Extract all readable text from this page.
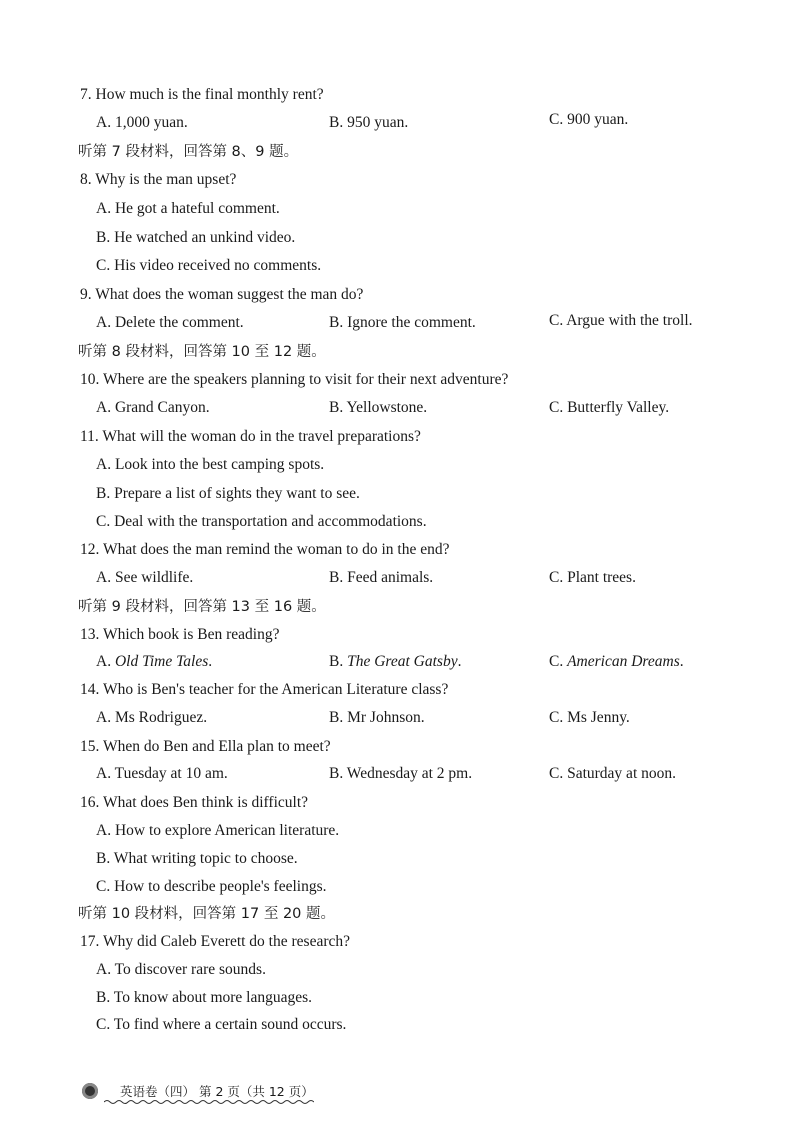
7. How much is the final monthly rent?
A. 1,000 yuan.	B. 950 yuan.	C. 900 yuan.
听第 7 段材料，回答第 8、9 题。
8. Why is the man upset?
A. He got a hateful comment.
B. He watched an unkind video.
C. His video received no comments.
9. What does the woman suggest the man do?
A. Delete the comment.	B. Ignore the comment.	C. Argue with the troll.
听第 8 段材料，回答第 10 至 12 题。
10. Where are the speakers planning to visit for their next adventure?
A. Grand Canyon.	B. Yellowstone.	C. Butterfly Valley.
11. What will the woman do in the travel preparations?
A. Look into the best camping spots.
B. Prepare a list of sights they want to see.
C. Deal with the transportation and accommodations.
12. What does the man remind the woman to do in the end?
A. See wildlife.	B. Feed animals.	C. Plant trees.
听第 9 段材料，回答第 13 至 16 题。
13. Which book is Ben reading?
A. Old Time Tales.	B. The Great Gatsby.	C. American Dreams.
14. Who is Ben's teacher for the American Literature class?
A. Ms Rodriguez.	B. Mr Johnson.	C. Ms Jenny.
15. When do Ben and Ella plan to meet?
A. Tuesday at 10 am.	B. Wednesday at 2 pm.	C. Saturday at noon.
16. What does Ben think is difficult?
A. How to explore American literature.
B. What writing topic to choose.
C. How to describe people's feelings.
听第 10 段材料，回答第 17 至 20 题。
17. Why did Caleb Everett do the research?
A. To discover rare sounds.
B. To know about more languages.
C. To find where a certain sound occurs.
英语卷（四） 第 2 页（共 12 页）
